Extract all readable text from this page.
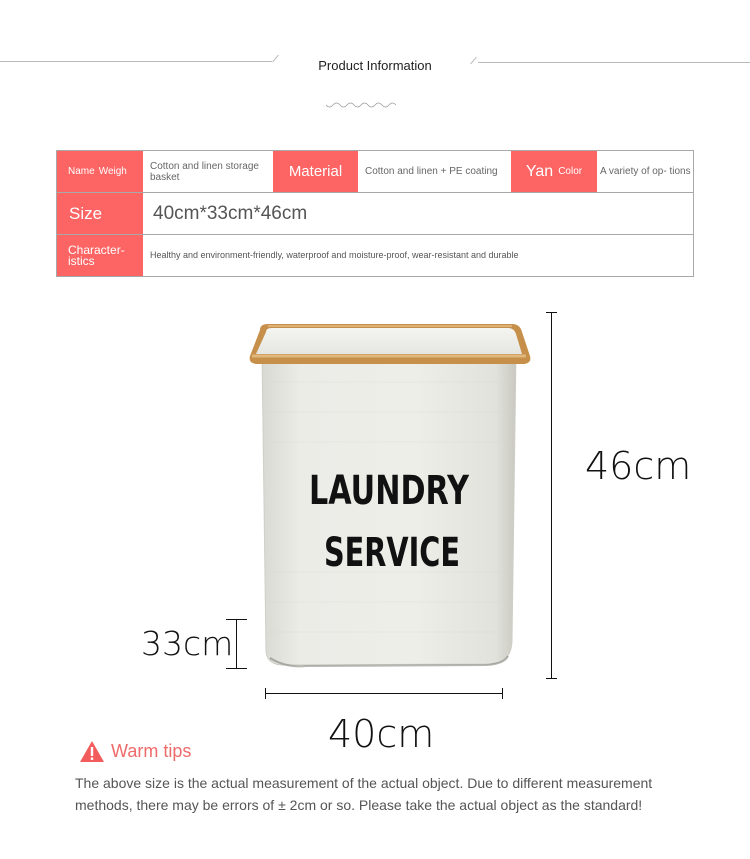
Product Information
Name Weigh	Cotton and linen storage basket	Material	Cotton and linen + PE coating	Yan Color	A variety of op- tions
Size	40cm*33cm*46cm
Character- istics	Healthy and environment-friendly, waterproof and moisture-proof, wear-resistant and durable
LAUNDRY
SERVICE
46cm
33cm
40cm
Warm tips
The above size is the actual measurement of the actual object. Due to different measurement methods, there may be errors of ± 2cm or so. Please take the actual object as the standard!
